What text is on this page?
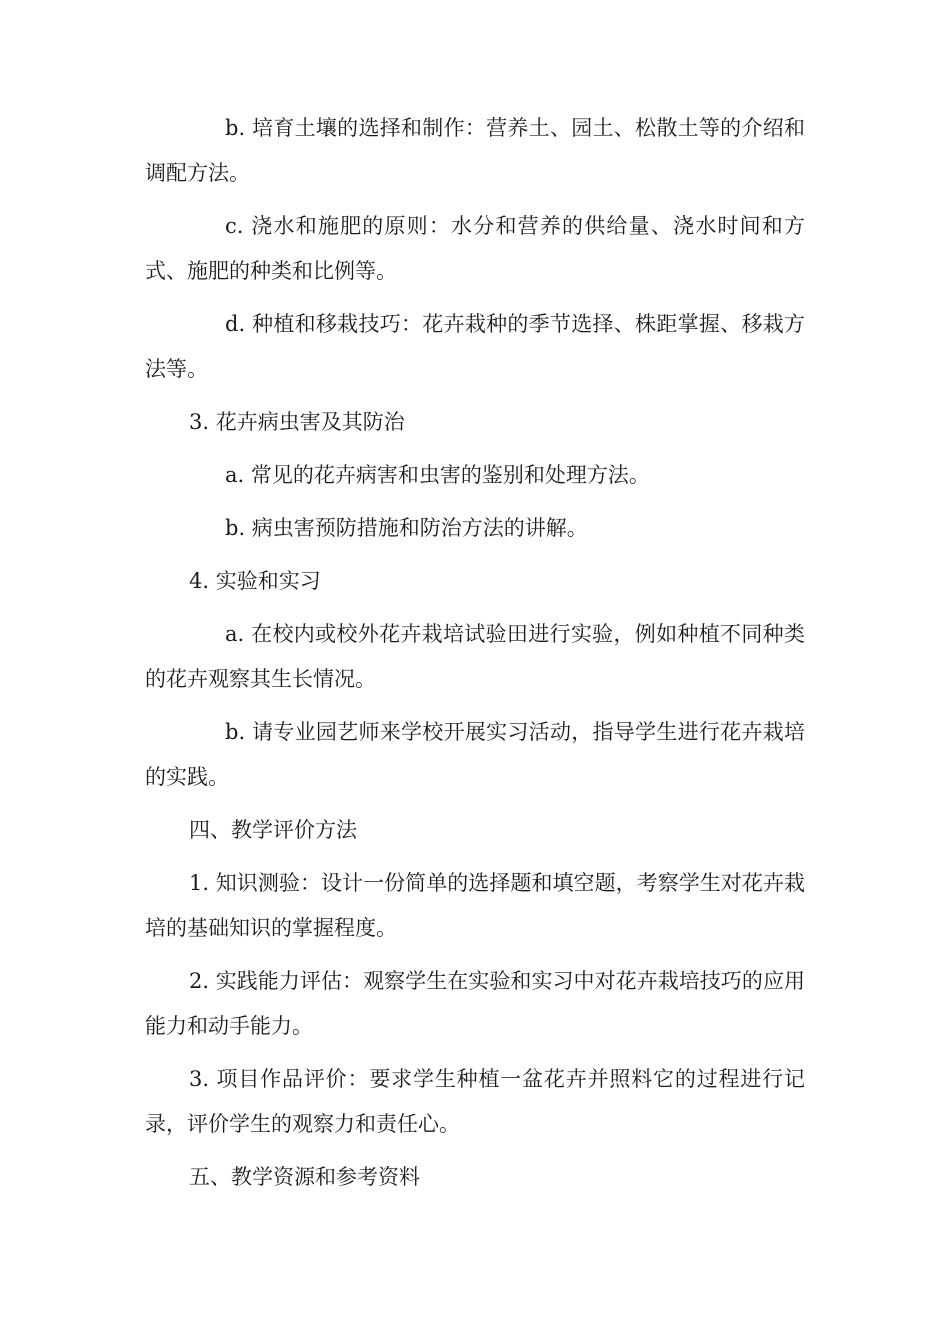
b. 培育土壤的选择和制作：营养土、园土、松散土等的介绍和调配方法。

c. 浇水和施肥的原则：水分和营养的供给量、浇水时间和方式、施肥的种类和比例等。

d. 种植和移栽技巧：花卉栽种的季节选择、株距掌握、移栽方法等。

3. 花卉病虫害及其防治

a. 常见的花卉病害和虫害的鉴别和处理方法。

b. 病虫害预防措施和防治方法的讲解。

4. 实验和实习

a. 在校内或校外花卉栽培试验田进行实验，例如种植不同种类的花卉观察其生长情况。

b. 请专业园艺师来学校开展实习活动，指导学生进行花卉栽培的实践。

四、教学评价方法

1. 知识测验：设计一份简单的选择题和填空题，考察学生对花卉栽培的基础知识的掌握程度。

2. 实践能力评估：观察学生在实验和实习中对花卉栽培技巧的应用能力和动手能力。

3. 项目作品评价：要求学生种植一盆花卉并照料它的过程进行记录，评价学生的观察力和责任心。

五、教学资源和参考资料
